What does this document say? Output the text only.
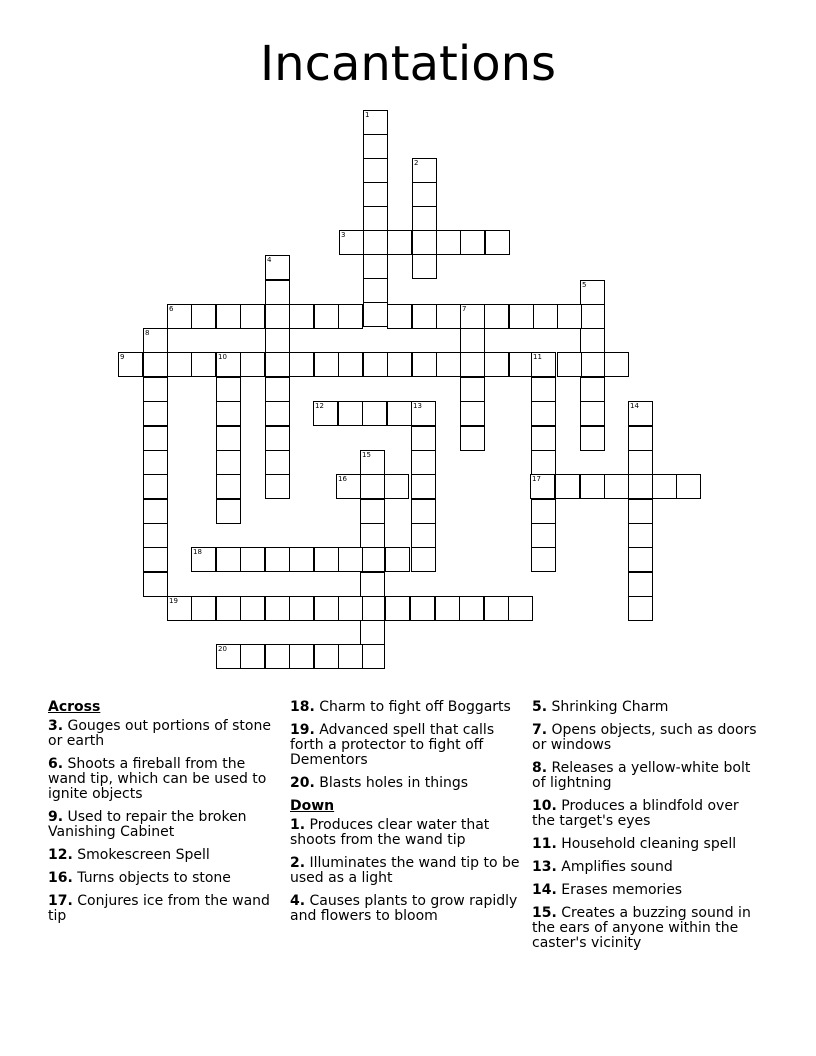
Incantations
1
2
3
4
5
6	7
8
9	10	11
12	13	14
15
16	17
18
19
20
Across
3. Gouges out portions of stone or earth
6. Shoots a fireball from the wand tip, which can be used to ignite objects
9. Used to repair the broken Vanishing Cabinet
12. Smokescreen Spell
16. Turns objects to stone
17. Conjures ice from the wand tip
18. Charm to fight off Boggarts
19. Advanced spell that calls forth a protector to fight off Dementors
20. Blasts holes in things
Down
1. Produces clear water that shoots from the wand tip
2. Illuminates the wand tip to be used as a light
4. Causes plants to grow rapidly and flowers to bloom
5. Shrinking Charm
7. Opens objects, such as doors or windows
8. Releases a yellow-white bolt of lightning
10. Produces a blindfold over the target's eyes
11. Household cleaning spell
13. Amplifies sound
14. Erases memories
15. Creates a buzzing sound in the ears of anyone within the caster's vicinity
